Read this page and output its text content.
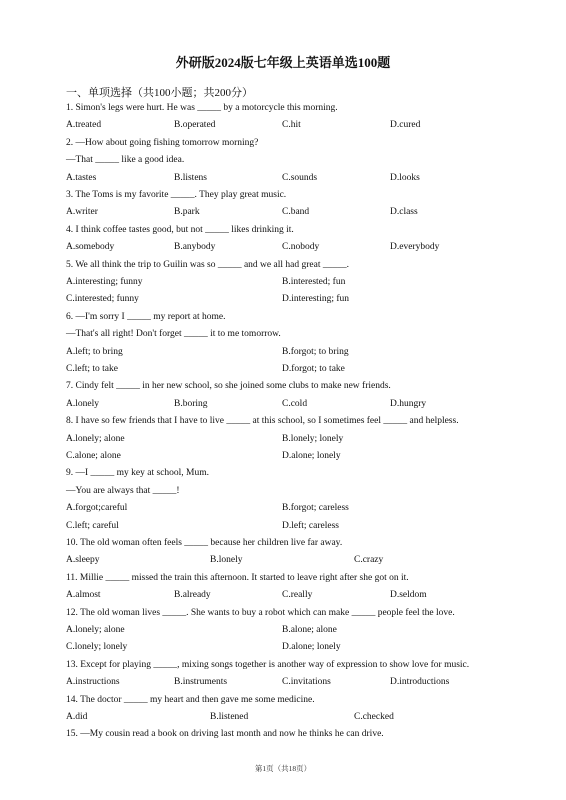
外研版2024版七年级上英语单选100题
一、单项选择（共100小题；共200分）
1. Simon's legs were hurt. He was _____ by a motorcycle this morning.
A.treated	B.operated	C.hit	D.cured
2. —How about going fishing tomorrow morning?
—That _____ like a good idea.
A.tastes	B.listens	C.sounds	D.looks
3. The Toms is my favorite _____. They play great music.
A.writer	B.park	C.band	D.class
4. I think coffee tastes good, but not _____ likes drinking it.
A.somebody	B.anybody	C.nobody	D.everybody
5. We all think the trip to Guilin was so _____ and we all had great _____.
A.interesting; funny	B.interested; fun
C.interested; funny	D.interesting; fun
6. —I'm sorry I _____ my report at home.
—That's all right! Don't forget _____ it to me tomorrow.
A.left; to bring	B.forgot; to bring
C.left; to take	D.forgot; to take
7. Cindy felt _____ in her new school, so she joined some clubs to make new friends.
A.lonely	B.boring	C.cold	D.hungry
8. I have so few friends that I have to live _____ at this school, so I sometimes feel _____ and helpless.
A.lonely; alone	B.lonely; lonely
C.alone; alone	D.alone; lonely
9. —I _____ my key at school, Mum.
—You are always that _____!
A.forgot;careful	B.forgot; careless
C.left; careful	D.left; careless
10. The old woman often feels _____ because her children live far away.
A.sleepy	B.lonely	C.crazy
11. Millie _____ missed the train this afternoon. It started to leave right after she got on it.
A.almost	B.already	C.really	D.seldom
12. The old woman lives _____. She wants to buy a robot which can make _____ people feel the love.
A.lonely; alone	B.alone; alone
C.lonely; lonely	D.alone; lonely
13. Except for playing _____, mixing songs together is another way of expression to show love for music.
A.instructions	B.instruments	C.invitations	D.introductions
14. The doctor _____ my heart and then gave me some medicine.
A.did	B.listened	C.checked
15. —My cousin read a book on driving last month and now he thinks he can drive.
第1页（共18页）
